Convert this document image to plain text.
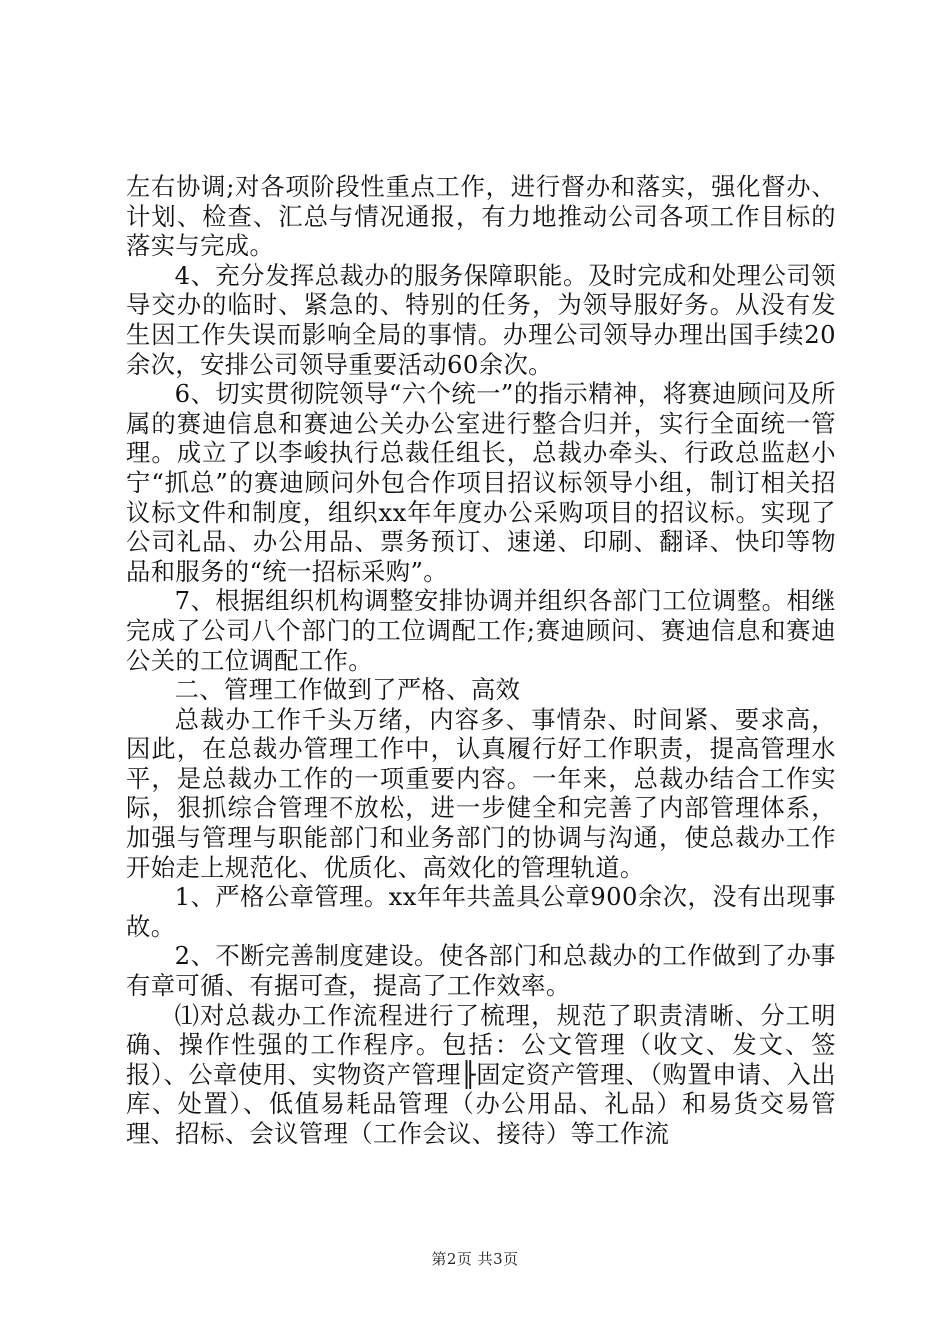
左右协调;对各项阶段性重点工作，进行督办和落实，强化督办、计划、检查、汇总与情况通报，有力地推动公司各项工作目标的落实与完成。

4、充分发挥总裁办的服务保障职能。及时完成和处理公司领导交办的临时、紧急的、特别的任务，为领导服好务。从没有发生因工作失误而影响全局的事情。办理公司领导办理出国手续20余次，安排公司领导重要活动60余次。

6、切实贯彻院领导“六个统一”的指示精神，将赛迪顾问及所属的赛迪信息和赛迪公关办公室进行整合归并，实行全面统一管理。成立了以李峻执行总裁任组长，总裁办牵头、行政总监赵小宁“抓总”的赛迪顾问外包合作项目招议标领导小组，制订相关招议标文件和制度，组织xx年年度办公采购项目的招议标。实现了公司礼品、办公用品、票务预订、速递、印刷、翻译、快印等物品和服务的“统一招标采购”。

7、根据组织机构调整安排协调并组织各部门工位调整。相继完成了公司八个部门的工位调配工作;赛迪顾问、赛迪信息和赛迪公关的工位调配工作。

二、管理工作做到了严格、高效

总裁办工作千头万绪，内容多、事情杂、时间紧、要求高，因此，在总裁办管理工作中，认真履行好工作职责，提高管理水平，是总裁办工作的一项重要内容。一年来，总裁办结合工作实际，狠抓综合管理不放松，进一步健全和完善了内部管理体系，加强与管理与职能部门和业务部门的协调与沟通，使总裁办工作开始走上规范化、优质化、高效化的管理轨道。

1、严格公章管理。xx年年共盖具公章900余次，没有出现事故。

2、不断完善制度建设。使各部门和总裁办的工作做到了办事有章可循、有据可查，提高了工作效率。

⑴对总裁办工作流程进行了梳理，规范了职责清晰、分工明确、操作性强的工作程序。包括：公文管理（收文、发文、签报）、公章使用、实物资产管理╟固定资产管理、（购置申请、入出库、处置）、低值易耗品管理（办公用品、礼品）和易货交易管理、招标、会议管理（工作会议、接待）等工作流

第2页 共3页
